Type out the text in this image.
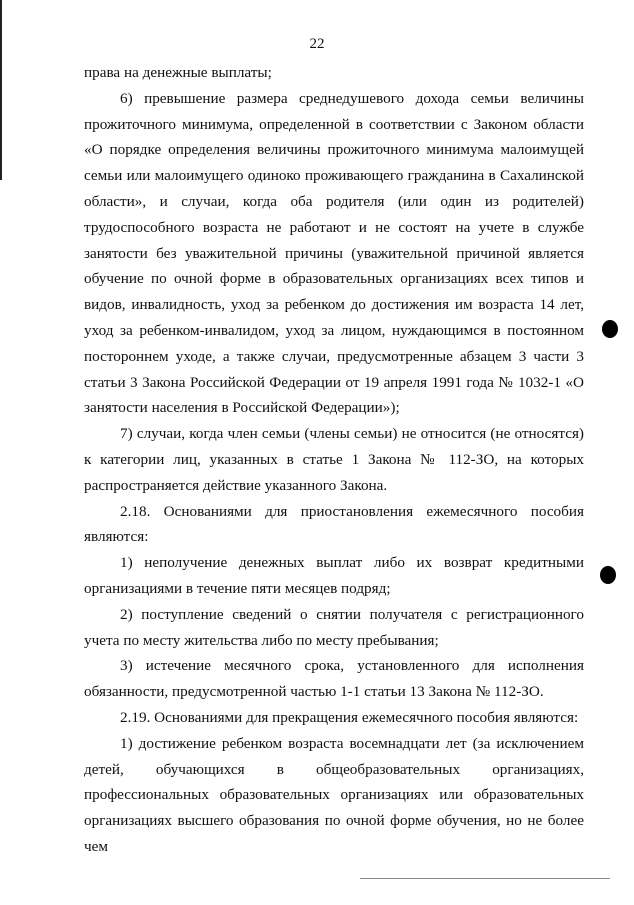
22

права на денежные выплаты;

6) превышение размера среднедушевого дохода семьи величины прожиточного минимума, определенной в соответствии с Законом области «О порядке определения величины прожиточного минимума малоимущей семьи или малоимущего одиноко проживающего гражданина в Сахалинской области», и случаи, когда оба родителя (или один из родителей) трудоспособного возраста не работают и не состоят на учете в службе занятости без уважительной причины (уважительной причиной является обучение по очной форме в образовательных организациях всех типов и видов, инвалидность, уход за ребенком до достижения им возраста 14 лет, уход за ребенком-инвалидом, уход за лицом, нуждающимся в постоянном постороннем уходе, а также случаи, предусмотренные абзацем 3 части 3 статьи 3 Закона Российской Федерации от 19 апреля 1991 года № 1032-1 «О занятости населения в Российской Федерации»);

7) случаи, когда член семьи (члены семьи) не относится (не относятся) к категории лиц, указанных в статье 1 Закона № 112-ЗО, на которых распространяется действие указанного Закона.

2.18. Основаниями для приостановления ежемесячного пособия являются:

1) неполучение денежных выплат либо их возврат кредитными организациями в течение пяти месяцев подряд;

2) поступление сведений о снятии получателя с регистрационного учета по месту жительства либо по месту пребывания;

3) истечение месячного срока, установленного для исполнения обязанности, предусмотренной частью 1-1 статьи 13 Закона № 112-ЗО.

2.19. Основаниями для прекращения ежемесячного пособия являются:

1) достижение ребенком возраста восемнадцати лет (за исключением детей, обучающихся в общеобразовательных организациях, профессиональных образовательных организациях или образовательных организациях высшего образования по очной форме обучения, но не более чем
